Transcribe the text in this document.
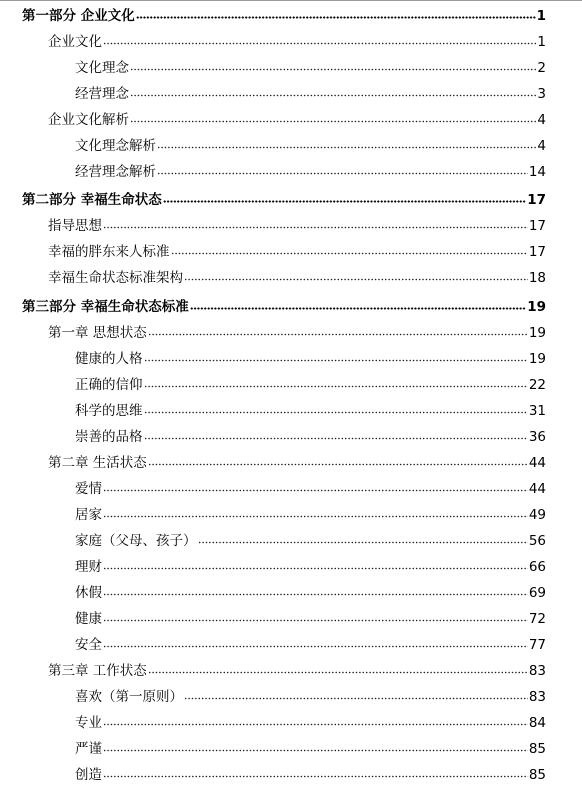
第一部分 企业文化	1
企业文化	1
文化理念	2
经营理念	3
企业文化解析	4
文化理念解析	4
经营理念解析	14
第二部分 幸福生命状态	17
指导思想	17
幸福的胖东来人标准	17
幸福生命状态标准架构	18
第三部分 幸福生命状态标准	19
第一章 思想状态	19
健康的人格	19
正确的信仰	22
科学的思维	31
崇善的品格	36
第二章 生活状态	44
爱情	44
居家	49
家庭（父母、孩子）	56
理财	66
休假	69
健康	72
安全	77
第三章 工作状态	83
喜欢（第一原则）	83
专业	84
严谨	85
创造	85
